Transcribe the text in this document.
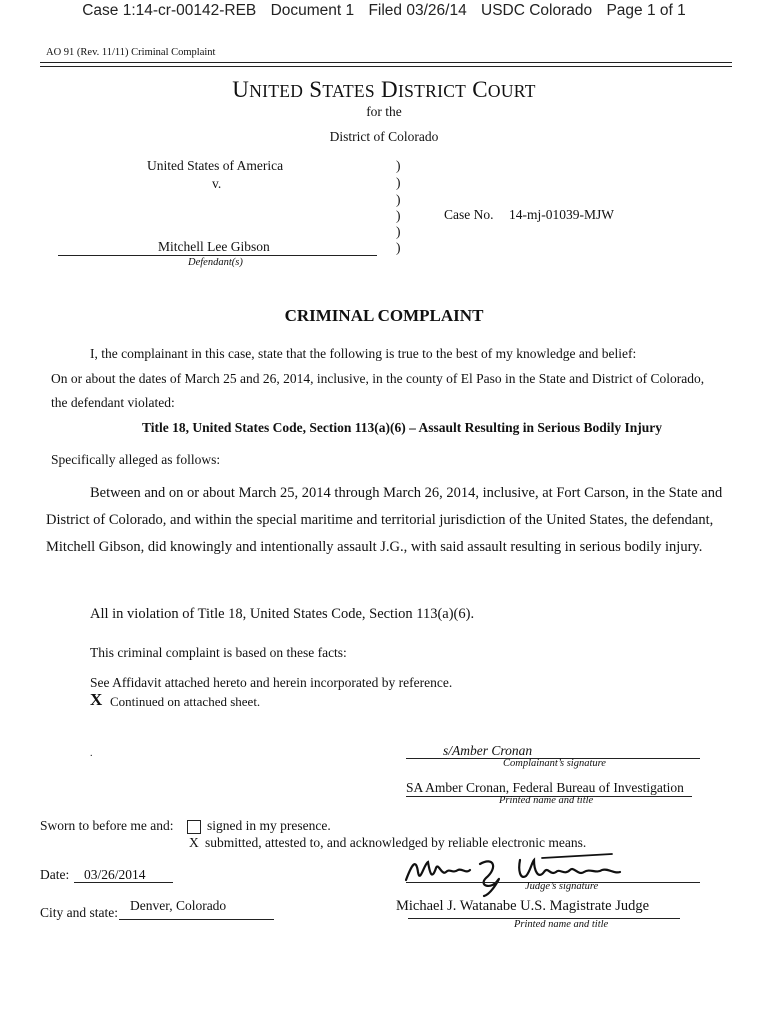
Case 1:14-cr-00142-REB Document 1 Filed 03/26/14 USDC Colorado Page 1 of 1
AO 91 (Rev. 11/11) Criminal Complaint
UNITED STATES DISTRICT COURT
for the
District of Colorado
United States of America
v.
Mitchell Lee Gibson
Defendant(s)
)
)
)
)
)
)
Case No. 14-mj-01039-MJW
CRIMINAL COMPLAINT
I, the complainant in this case, state that the following is true to the best of my knowledge and belief:
On or about the dates of March 25 and 26, 2014, inclusive, in the county of El Paso in the State and District of Colorado,
the defendant violated:
Title 18, United States Code, Section 113(a)(6) – Assault Resulting in Serious Bodily Injury
Specifically alleged as follows:
Between and on or about March 25, 2014 through March 26, 2014, inclusive, at Fort Carson, in the State and District of Colorado, and within the special maritime and territorial jurisdiction of the United States, the defendant, Mitchell Gibson, did knowingly and intentionally assault J.G., with said assault resulting in serious bodily injury.
All in violation of Title 18, United States Code, Section 113(a)(6).
This criminal complaint is based on these facts:
See Affidavit attached hereto and herein incorporated by reference.
X Continued on attached sheet.
.	s/Amber Cronan
Complainant’s signature
SA Amber Cronan, Federal Bureau of Investigation
Printed name and title
Sworn to before me and: signed in my presence.
X submitted, attested to, and acknowledged by reliable electronic means.
Date: 03/26/2014
Judge’s signature
City and state: Denver, Colorado	Michael J. Watanabe U.S. Magistrate Judge
Printed name and title
